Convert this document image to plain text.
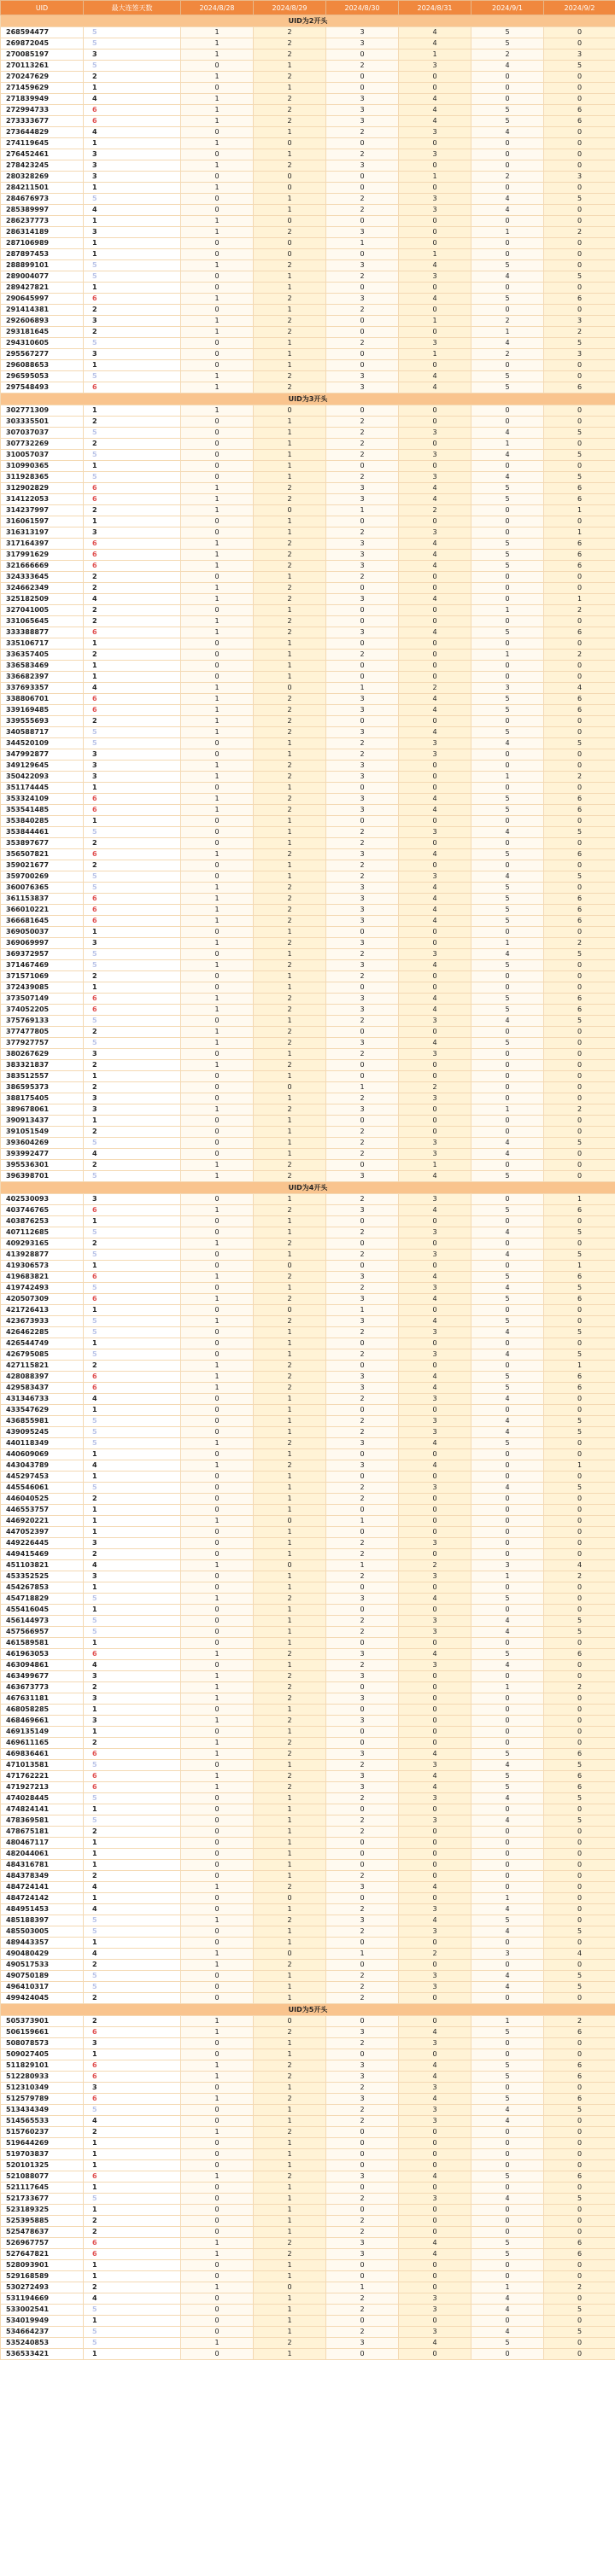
UID	最大连签天数	2024/8/28	2024/8/29	2024/8/30	2024/8/31	2024/9/1	2024/9/2
UID为2开头							
268594477	5	1	2	3	4	5	0
269872045	5	1	2	3	4	5	0
270085197	3	1	2	0	1	2	3
270113261	5	0	1	2	3	4	5
270247629	2	1	2	0	0	0	0
271459629	1	0	1	0	0	0	0
271839949	4	1	2	3	4	0	0
272994733	6	1	2	3	4	5	6
273333677	6	1	2	3	4	5	6
273644829	4	0	1	2	3	4	0
274119645	1	1	0	0	0	0	0
276452461	3	0	1	2	3	0	0
278423245	3	1	2	3	0	0	0
280328269	3	0	0	0	1	2	3
284211501	1	1	0	0	0	0	0
284676973	5	0	1	2	3	4	5
285389997	4	0	1	2	3	4	0
286237773	1	1	0	0	0	0	0
286314189	3	1	2	3	0	1	2
287106989	1	0	0	1	0	0	0
287897453	1	0	0	0	1	0	0
288899101	5	1	2	3	4	5	0
289004077	5	0	1	2	3	4	5
289427821	1	0	1	0	0	0	0
290645997	6	1	2	3	4	5	6
291414381	2	0	1	2	0	0	0
292606893	3	1	2	0	1	2	3
293181645	2	1	2	0	0	1	2
294310605	5	0	1	2	3	4	5
295567277	3	0	1	0	1	2	3
296088653	1	0	1	0	0	0	0
296595053	5	1	2	3	4	5	0
297548493	6	1	2	3	4	5	6
UID为3开头							
302771309	1	1	0	0	0	0	0
303335501	2	0	1	2	0	0	0
307037037	5	0	1	2	3	4	5
307732269	2	0	1	2	0	1	0
310057037	5	0	1	2	3	4	5
310990365	1	0	1	0	0	0	0
311928365	5	0	1	2	3	4	5
312902829	6	1	2	3	4	5	6
314122053	6	1	2	3	4	5	6
314237997	2	1	0	1	2	0	1
316061597	1	0	1	0	0	0	0
316313197	3	0	1	2	3	0	1
317164397	6	1	2	3	4	5	6
317991629	6	1	2	3	4	5	6
321666669	6	1	2	3	4	5	6
324333645	2	0	1	2	0	0	0
324662349	2	1	2	0	0	0	0
325182509	4	1	2	3	4	0	1
327041005	2	0	1	0	0	1	2
331065645	2	1	2	0	0	0	0
333388877	6	1	2	3	4	5	6
335106717	1	0	1	0	0	0	0
336357405	2	0	1	2	0	1	2
336583469	1	0	1	0	0	0	0
336682397	1	0	1	0	0	0	0
337693357	4	1	0	1	2	3	4
338806701	6	1	2	3	4	5	6
339169485	6	1	2	3	4	5	6
339555693	2	1	2	0	0	0	0
340588717	5	1	2	3	4	5	0
344520109	5	0	1	2	3	4	5
347992877	3	0	1	2	3	0	0
349129645	3	1	2	3	0	0	0
350422093	3	1	2	3	0	1	2
351174445	1	0	1	0	0	0	0
353324109	6	1	2	3	4	5	6
353541485	6	1	2	3	4	5	6
353840285	1	0	1	0	0	0	0
353844461	5	0	1	2	3	4	5
353897677	2	0	1	2	0	0	0
356507821	6	1	2	3	4	5	6
359021677	2	0	1	2	0	0	0
359700269	5	0	1	2	3	4	5
360076365	5	1	2	3	4	5	0
361153837	6	1	2	3	4	5	6
366010221	6	1	2	3	4	5	6
366681645	6	1	2	3	4	5	6
369050037	1	0	1	0	0	0	0
369069997	3	1	2	3	0	1	2
369372957	5	0	1	2	3	4	5
371467469	5	1	2	3	4	5	0
371571069	2	0	1	2	0	0	0
372439085	1	0	1	0	0	0	0
373507149	6	1	2	3	4	5	6
374052205	6	1	2	3	4	5	6
375769133	5	0	1	2	3	4	5
377477805	2	1	2	0	0	0	0
377927757	5	1	2	3	4	5	0
380267629	3	0	1	2	3	0	0
383321837	2	1	2	0	0	0	0
383512557	1	0	1	0	0	0	0
386595373	2	0	0	1	2	0	0
388175405	3	0	1	2	3	0	0
389678061	3	1	2	3	0	1	2
390913437	1	0	1	0	0	0	0
391051549	2	0	1	2	0	0	0
393604269	5	0	1	2	3	4	5
393992477	4	0	1	2	3	4	0
395536301	2	1	2	0	1	0	0
396398701	5	1	2	3	4	5	0
UID为4开头							
402530093	3	0	1	2	3	0	1
403746765	6	1	2	3	4	5	6
403876253	1	0	1	0	0	0	0
407112685	5	0	1	2	3	4	5
409293165	2	1	2	0	0	0	0
413928877	5	0	1	2	3	4	5
419306573	1	0	0	0	0	0	1
419683821	6	1	2	3	4	5	6
419742493	5	0	1	2	3	4	5
420507309	6	1	2	3	4	5	6
421726413	1	0	0	1	0	0	0
423673933	5	1	2	3	4	5	0
426462285	5	0	1	2	3	4	5
426544749	1	0	1	0	0	0	0
426795085	5	0	1	2	3	4	5
427115821	2	1	2	0	0	0	1
428088397	6	1	2	3	4	5	6
429583437	6	1	2	3	4	5	6
431346733	4	0	1	2	3	4	0
433547629	1	0	1	0	0	0	0
436855981	5	0	1	2	3	4	5
439095245	5	0	1	2	3	4	5
440118349	5	1	2	3	4	5	0
440609069	1	0	1	0	0	0	0
443043789	4	1	2	3	4	0	1
445297453	1	0	1	0	0	0	0
445546061	5	0	1	2	3	4	5
446040525	2	0	1	2	0	0	0
446553757	1	0	1	0	0	0	0
446920221	1	1	0	1	0	0	0
447052397	1	0	1	0	0	0	0
449226445	3	0	1	2	3	0	0
449415469	2	0	1	2	0	0	0
451103821	4	1	0	1	2	3	4
453352525	3	0	1	2	3	1	2
454267853	1	0	1	0	0	0	0
454718829	5	1	2	3	4	5	0
455416045	1	0	1	0	0	0	0
456144973	5	0	1	2	3	4	5
457566957	5	0	1	2	3	4	5
461589581	1	0	1	0	0	0	0
461963053	6	1	2	3	4	5	6
463094861	4	0	1	2	3	4	0
463499677	3	1	2	3	0	0	0
463673773	2	1	2	0	0	1	2
467631181	3	1	2	3	0	0	0
468058285	1	0	1	0	0	0	0
468469661	3	1	2	3	0	0	0
469135149	1	0	1	0	0	0	0
469611165	2	1	2	0	0	0	0
469836461	6	1	2	3	4	5	6
471013581	5	0	1	2	3	4	5
471762221	6	1	2	3	4	5	6
471927213	6	1	2	3	4	5	6
474028445	5	0	1	2	3	4	5
474824141	1	0	1	0	0	0	0
478369581	5	0	1	2	3	4	5
478675181	2	0	1	2	0	0	0
480467117	1	0	1	0	0	0	0
482044061	1	0	1	0	0	0	0
484316781	1	0	1	0	0	0	0
484378349	2	0	1	2	0	0	0
484724141	4	1	2	3	4	0	0
484724142	1	0	0	0	0	1	0
484951453	4	0	1	2	3	4	0
485188397	5	1	2	3	4	5	0
485503005	5	0	1	2	3	4	5
489443357	1	0	1	0	0	0	0
490480429	4	1	0	1	2	3	4
490517533	2	1	2	0	0	0	0
490750189	5	0	1	2	3	4	5
496410317	5	0	1	2	3	4	5
499424045	2	0	1	2	0	0	0
UID为5开头							
505373901	2	1	0	0	0	1	2
506159661	6	1	2	3	4	5	6
508078573	3	0	1	2	3	0	0
509027405	1	0	1	0	0	0	0
511829101	6	1	2	3	4	5	6
512280933	6	1	2	3	4	5	6
512310349	3	0	1	2	3	0	0
512579789	6	1	2	3	4	5	6
513434349	5	0	1	2	3	4	5
514565533	4	0	1	2	3	4	0
515760237	2	1	2	0	0	0	0
519644269	1	0	1	0	0	0	0
519703837	1	0	1	0	0	0	0
520101325	1	0	1	0	0	0	0
521088077	6	1	2	3	4	5	6
521117645	1	0	1	0	0	0	0
521733677	5	0	1	2	3	4	5
523189325	1	0	1	0	0	0	0
525395885	2	0	1	2	0	0	0
525478637	2	0	1	2	0	0	0
526967757	6	1	2	3	4	5	6
527647821	6	1	2	3	4	5	6
528093901	1	0	1	0	0	0	0
529168589	1	0	1	0	0	0	0
530272493	2	1	0	1	0	1	2
531194669	4	0	1	2	3	4	0
533002541	5	0	1	2	3	4	5
534019949	1	0	1	0	0	0	0
534664237	5	0	1	2	3	4	5
535240853	5	1	2	3	4	5	0
536533421	1	0	1	0	0	0	0
